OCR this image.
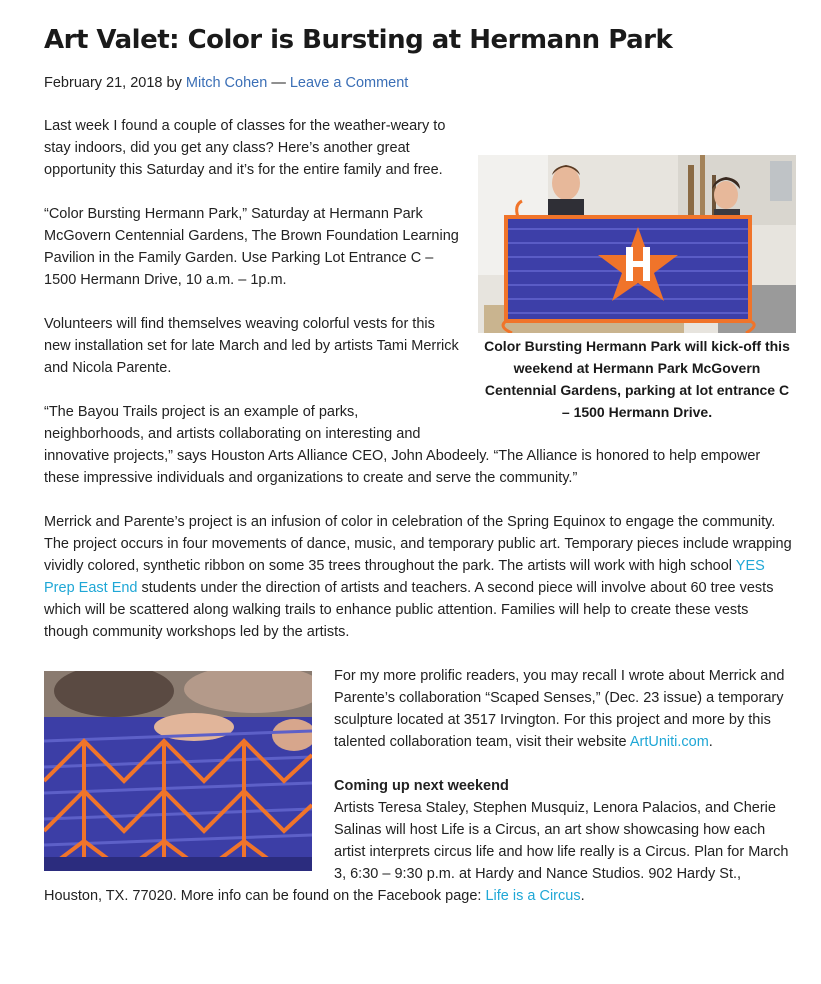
Art Valet: Color is Bursting at Hermann Park
February 21, 2018 by Mitch Cohen — Leave a Comment
Color Bursting Hermann Park will kick-off this weekend at Hermann Park McGovern Centennial Gardens, parking at lot entrance C – 1500 Hermann Drive.

Last week I found a couple of classes for the weather-weary to stay indoors, did you get any class? Here’s another great opportunity this Saturday and it’s for the entire family and free.

“Color Bursting Hermann Park,” Saturday at Hermann Park McGovern Centennial Gardens, The Brown Foundation Learning Pavilion in the Family Garden. Use Parking Lot Entrance C – 1500 Hermann Drive, 10 a.m. – 1p.m.

Volunteers will find themselves weaving colorful vests for this new installation set for late March and led by artists Tami Merrick and Nicola Parente.

“The Bayou Trails project is an example of parks, neighborhoods, and artists collaborating on interesting and innovative projects,” says Houston Arts Alliance CEO, John Abodeely. “The Alliance is honored to help empower these impressive individuals and organizations to create and serve the community.”

Merrick and Parente’s project is an infusion of color in celebration of the Spring Equinox to engage the community. The project occurs in four movements of dance, music, and temporary public art. Temporary pieces include wrapping vividly colored, synthetic ribbon on some 35 trees throughout the park. The artists will work with high school YES Prep East End students under the direction of artists and teachers. A second piece will involve about 60 tree vests which will be scattered along walking trails to enhance public attention. Families will help to create these vests though community workshops led by the artists.

For my more prolific readers, you may recall I wrote about Merrick and Parente’s collaboration “Scaped Senses,” (Dec. 23 issue) a temporary sculpture located at 3517 Irvington. For this project and more by this talented collaboration team, visit their website ArtUniti.com.

Coming up next weekend
Artists Teresa Staley, Stephen Musquiz, Lenora Palacios, and Cherie Salinas will host Life is a Circus, an art show showcasing how each artist interprets circus life and how life really is a Circus. Plan for March 3, 6:30 – 9:30 p.m. at Hardy and Nance Studios. 902 Hardy St., Houston, TX. 77020. More info can be found on the Facebook page: Life is a Circus.
